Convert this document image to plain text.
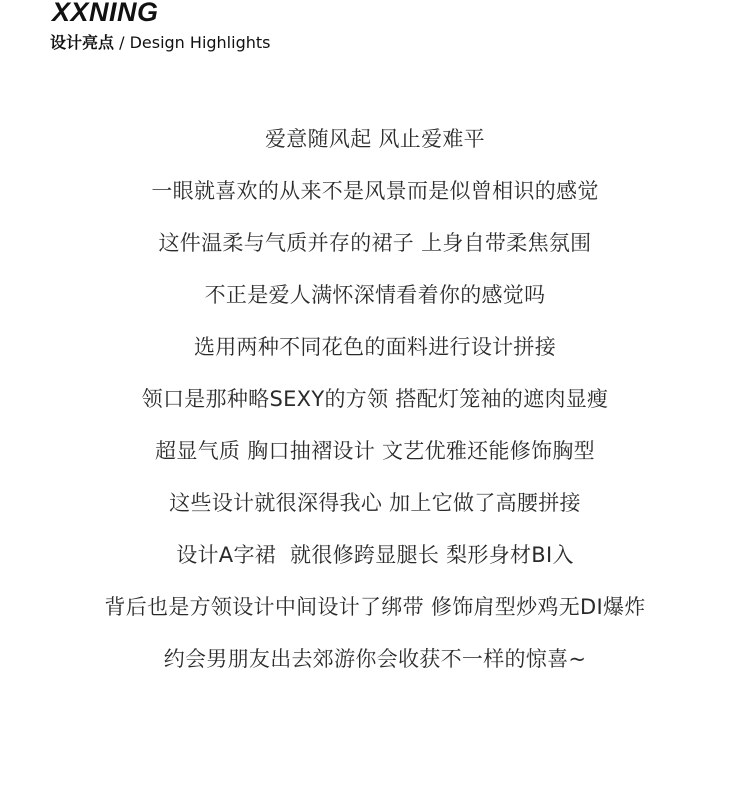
XXNING

设计亮点 / Design Highlights

爱意随风起 风止爱难平
一眼就喜欢的从来不是风景而是似曾相识的感觉
这件温柔与气质并存的裙子 上身自带柔焦氛围
不正是爱人满怀深情看着你的感觉吗
选用两种不同花色的面料进行设计拼接
领口是那种略SEXY的方领 搭配灯笼袖的遮肉显瘦
超显气质 胸口抽褶设计 文艺优雅还能修饰胸型
这些设计就很深得我心 加上它做了高腰拼接
设计A字裙  就很修跨显腿长 梨形身材BI入
背后也是方领设计中间设计了绑带 修饰肩型炒鸡无DI爆炸
约会男朋友出去郊游你会收获不一样的惊喜~
